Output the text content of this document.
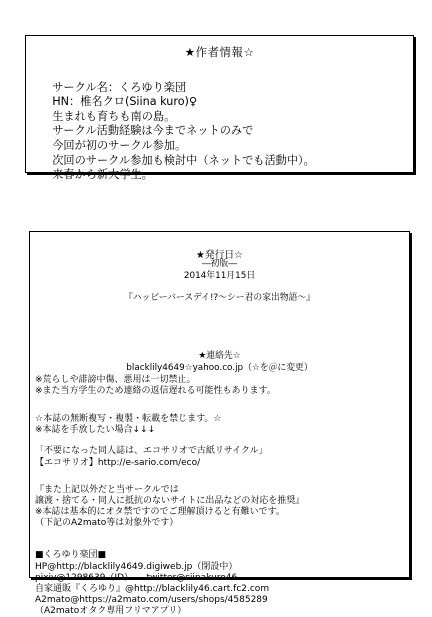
★作者情報☆

サークル名：くろゆり楽団
HN：椎名クロ(Siina kuro)♀
生まれも育ちも南の島。
サークル活動経験は今までネットのみで
今回が初のサークル参加。
次回のサークル参加も検討中（ネットでも活動中）。
来春から新大学生。

★発行日☆
―初版―
2014年11月15日
『ハッピーバースデイ!?～シー君の家出物語～』
★連絡先☆
blacklily4649☆yahoo.co.jp（☆を＠に変更）
※荒らしや誹謗中傷、悪用は一切禁止。
※また当方学生のため連絡の返信遅れる可能性もあります。
☆本誌の無断複写・複製・転載を禁じます。☆
※本誌を手放したい場合↓↓↓
「不要になった同人誌は、エコサリオで古紙リサイクル」
【エコサリオ】http://e-sario.com/eco/
『また上記以外だと当サークルでは
譲渡・捨てる・同人に抵抗のないサイトに出品などの対応を推奨』
※本誌は基本的にオタ禁ですのでご理解頂けると有難いです。
（下記のA2mato等は対象外です）
■くろゆり楽団■
HP@http://blacklily4649.digiweb.jp（閉設中）
pixiv@1298639（ID）　　twitter@siinakuro46
自家通販『くろゆり』@http://blacklily46.cart.fc2.com
A2mato@https://a2mato.com/users/shops/4585289
（A2matoオタク専用フリマアプリ）
